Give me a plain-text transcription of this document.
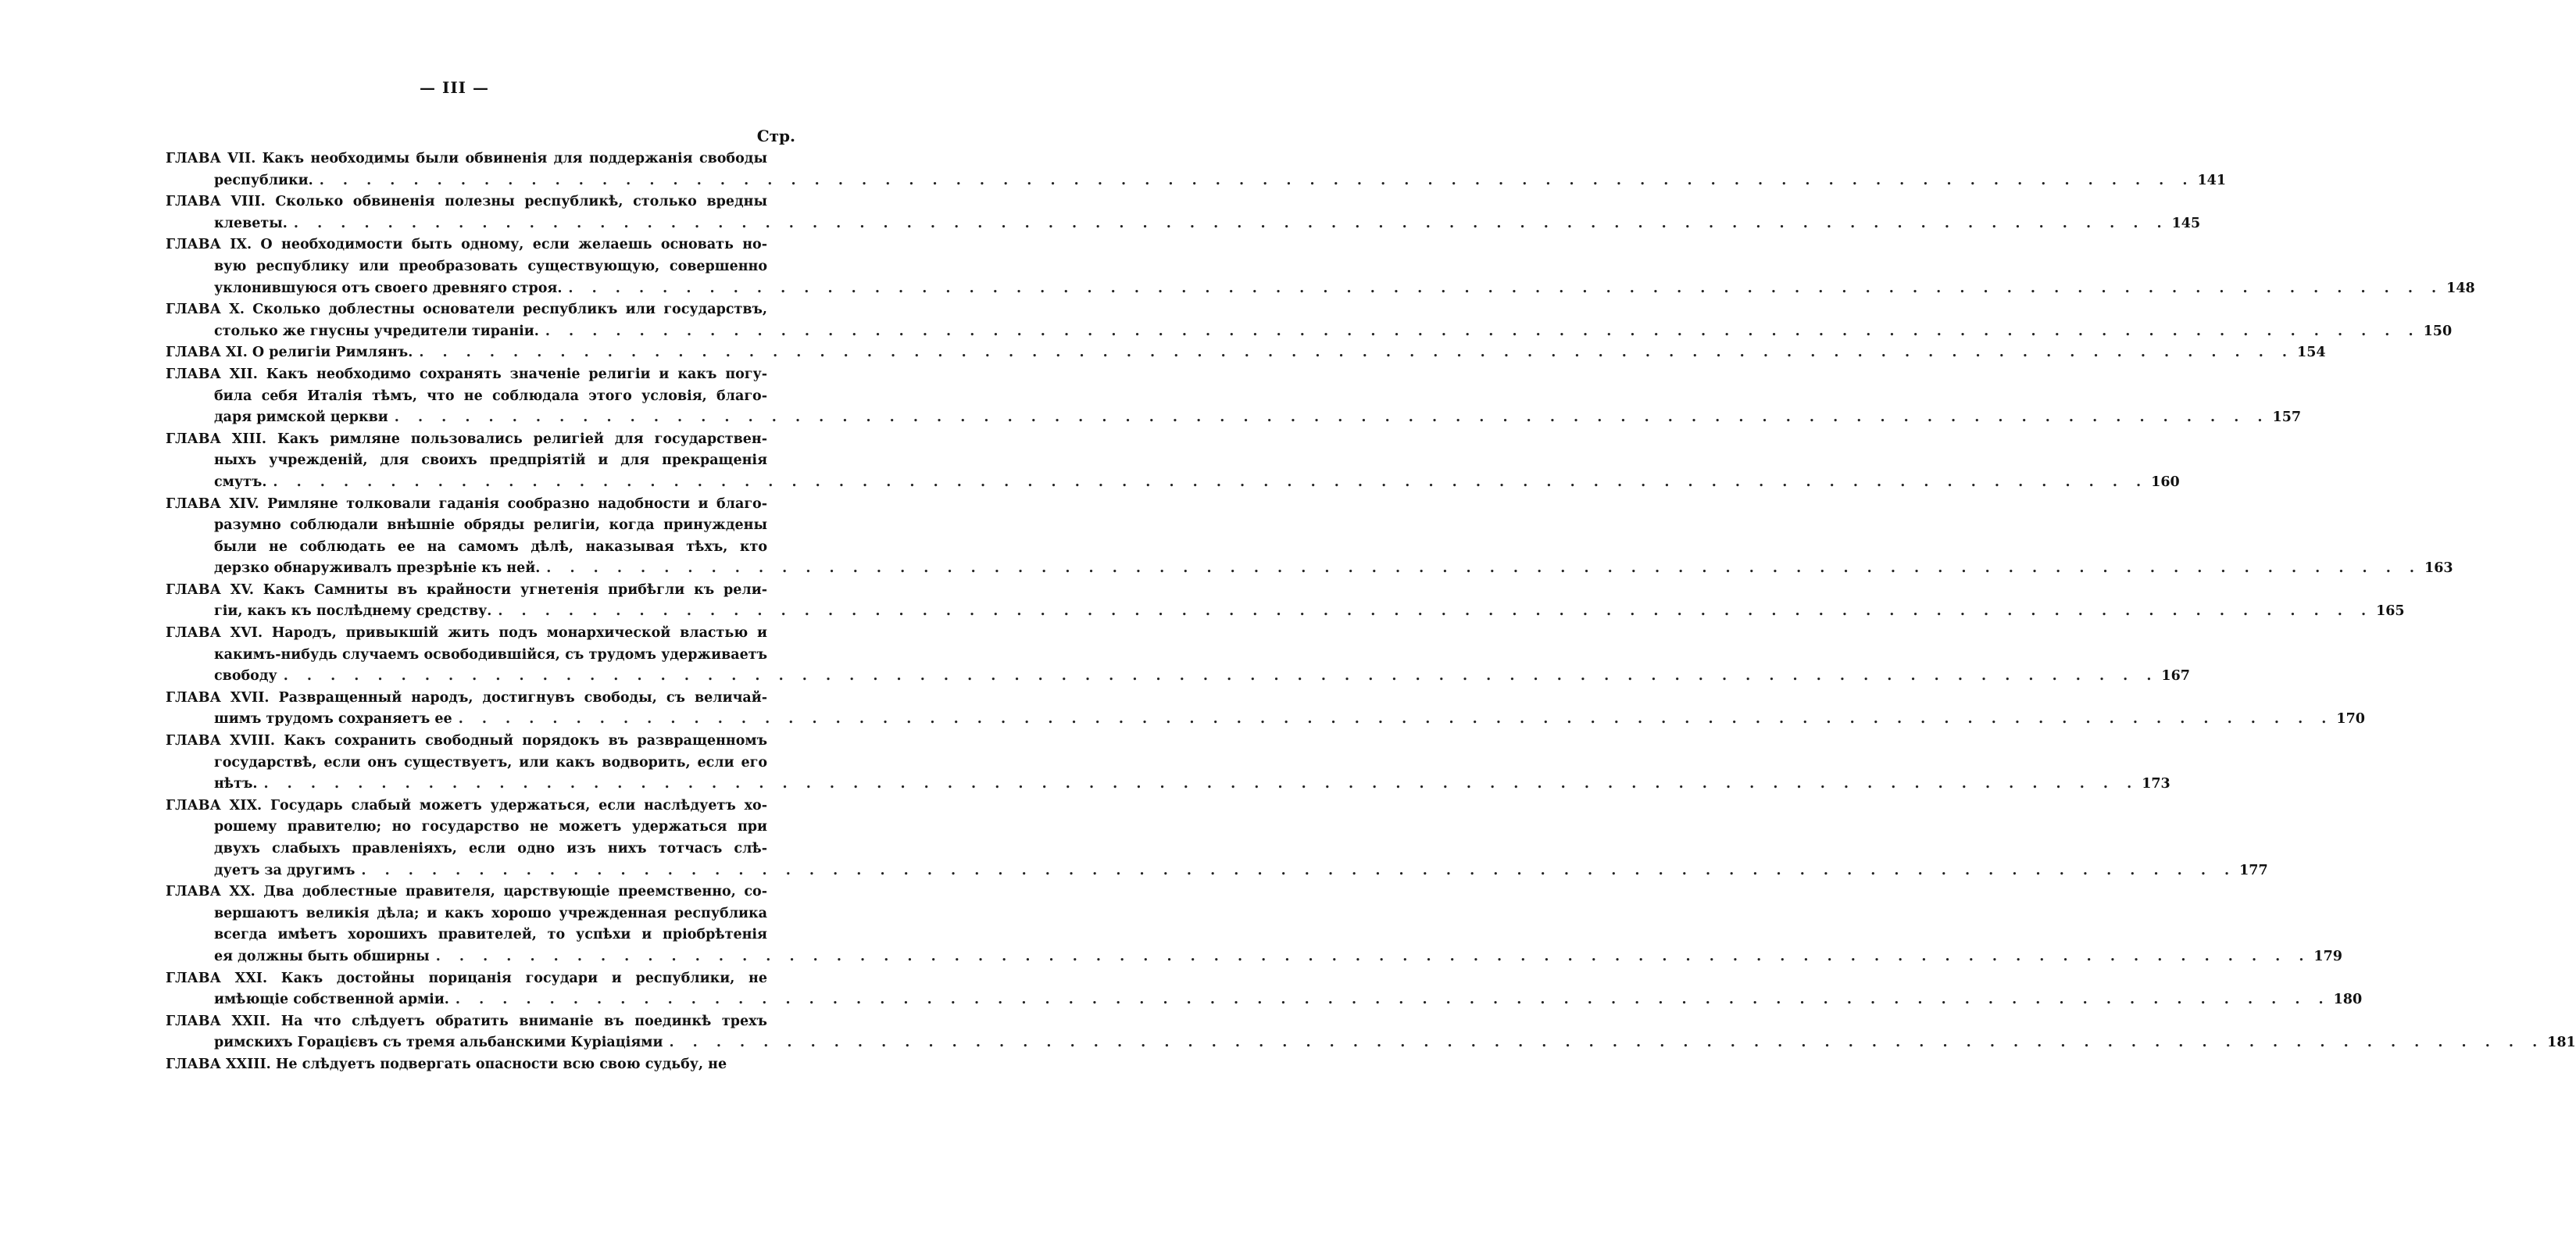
— III —
Стр.
ГЛАВА VII. Какъ необходимы были обвиненія для поддержанія свободы
республики. . . . . . . . . . . . . . . . . . . . . . . . . . . . . . . . . . . . . . . . . . . . . . . . . . . . . . . . . . . . . . . . . . . . . . . . . . . . . . . . . 141
ГЛАВА VIII. Сколько обвиненія полезны республикѣ, столько вредны
клеветы. . . . . . . . . . . . . . . . . . . . . . . . . . . . . . . . . . . . . . . . . . . . . . . . . . . . . . . . . . . . . . . . . . . . . . . . . . . . . . . . . 145
ГЛАВА IX. О необходимости быть одному, если желаешь основать но-
вую республику или преобразовать существующую, совершенно
уклонившуюся отъ своего древняго строя. . . . . . . . . . . . . . . . . . . . . . . . . . . . . . . . . . . . . . . . . . . . . . . . . . . . . . . . . . . . . . . . . . . . . . . . . . . . . . . . . 148
ГЛАВА X. Сколько доблестны основатели республикъ или государствъ,
столько же гнусны учредители тираніи. . . . . . . . . . . . . . . . . . . . . . . . . . . . . . . . . . . . . . . . . . . . . . . . . . . . . . . . . . . . . . . . . . . . . . . . . . . . . . . . . 150
ГЛАВА XI. О религіи Римлянъ. . . . . . . . . . . . . . . . . . . . . . . . . . . . . . . . . . . . . . . . . . . . . . . . . . . . . . . . . . . . . . . . . . . . . . . . . . . . . . . . . 154
ГЛАВА XII. Какъ необходимо сохранять значеніе религіи и какъ погу-
била себя Италія тѣмъ, что не соблюдала этого условія, благо-
даря римской церкви . . . . . . . . . . . . . . . . . . . . . . . . . . . . . . . . . . . . . . . . . . . . . . . . . . . . . . . . . . . . . . . . . . . . . . . . . . . . . . . . 157
ГЛАВА XIII. Какъ римляне пользовались религіей для государствен-
ныхъ учрежденій, для своихъ предпріятій и для прекращенія
смутъ. . . . . . . . . . . . . . . . . . . . . . . . . . . . . . . . . . . . . . . . . . . . . . . . . . . . . . . . . . . . . . . . . . . . . . . . . . . . . . . . . 160
ГЛАВА XIV. Римляне толковали гаданія сообразно надобности и благо-
разумно соблюдали внѣшніе обряды религіи, когда принуждены
были не соблюдать ее на самомъ дѣлѣ, наказывая тѣхъ, кто
дерзко обнаруживалъ презрѣніе къ ней. . . . . . . . . . . . . . . . . . . . . . . . . . . . . . . . . . . . . . . . . . . . . . . . . . . . . . . . . . . . . . . . . . . . . . . . . . . . . . . . . 163
ГЛАВА XV. Какъ Самниты въ крайности угнетенія прибѣгли къ рели-
гіи, какъ къ послѣднему средству. . . . . . . . . . . . . . . . . . . . . . . . . . . . . . . . . . . . . . . . . . . . . . . . . . . . . . . . . . . . . . . . . . . . . . . . . . . . . . . . . 165
ГЛАВА XVI. Народъ, привыкшій жить подъ монархической властью и
какимъ-нибудь случаемъ освободившійся, съ трудомъ удерживаетъ
свободу . . . . . . . . . . . . . . . . . . . . . . . . . . . . . . . . . . . . . . . . . . . . . . . . . . . . . . . . . . . . . . . . . . . . . . . . . . . . . . . . 167
ГЛАВА XVII. Развращенный народъ, достигнувъ свободы, съ величай-
шимъ трудомъ сохраняетъ ее . . . . . . . . . . . . . . . . . . . . . . . . . . . . . . . . . . . . . . . . . . . . . . . . . . . . . . . . . . . . . . . . . . . . . . . . . . . . . . . . 170
ГЛАВА XVIII. Какъ сохранить свободный порядокъ въ развращенномъ
государствѣ, если онъ существуетъ, или какъ водворить, если его
нѣтъ. . . . . . . . . . . . . . . . . . . . . . . . . . . . . . . . . . . . . . . . . . . . . . . . . . . . . . . . . . . . . . . . . . . . . . . . . . . . . . . . . 173
ГЛАВА XIX. Государь слабый можетъ удержаться, если наслѣдуетъ хо-
рошему правителю; но государство не можетъ удержаться при
двухъ слабыхъ правленіяхъ, если одно изъ нихъ тотчасъ слѣ-
дуетъ за другимъ . . . . . . . . . . . . . . . . . . . . . . . . . . . . . . . . . . . . . . . . . . . . . . . . . . . . . . . . . . . . . . . . . . . . . . . . . . . . . . . . 177
ГЛАВА XX. Два доблестные правителя, царствующіе преемственно, со-
вершаютъ великія дѣла; и какъ хорошо учрежденная республика
всегда имѣетъ хорошихъ правителей, то успѣхи и пріобрѣтенія
ея должны быть обширны . . . . . . . . . . . . . . . . . . . . . . . . . . . . . . . . . . . . . . . . . . . . . . . . . . . . . . . . . . . . . . . . . . . . . . . . . . . . . . . . 179
ГЛАВА XXI. Какъ достойны порицанія государи и республики, не
имѣющіе собственной арміи. . . . . . . . . . . . . . . . . . . . . . . . . . . . . . . . . . . . . . . . . . . . . . . . . . . . . . . . . . . . . . . . . . . . . . . . . . . . . . . . . 180
ГЛАВА XXII. На что слѣдуетъ обратить вниманіе въ поединкѣ трехъ
римскихъ Горацієвъ съ тремя альбанскими Куріаціями . . . . . . . . . . . . . . . . . . . . . . . . . . . . . . . . . . . . . . . . . . . . . . . . . . . . . . . . . . . . . . . . . . . . . . . . . . . . . . . . 181
ГЛАВА XXIII. Не слѣдуетъ подвергать опасности всю свою судьбу, не
